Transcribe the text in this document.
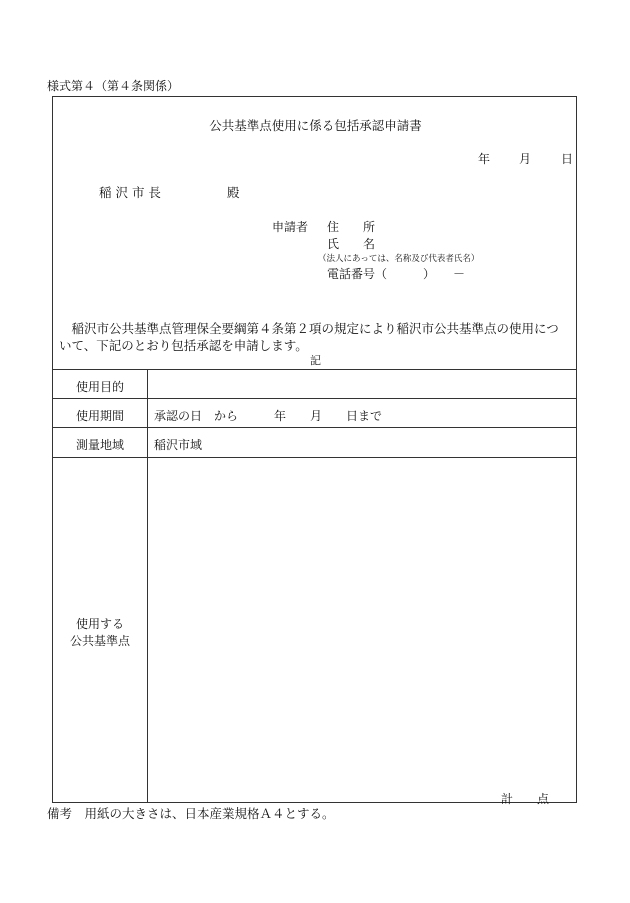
様式第４（第４条関係）
公共基準点使用に係る包括承認申請書
年 月 日
稲 沢 市 長	殿
申請者 住　　所
氏　　名
（法人にあっては、名称及び代表者氏名）
電話番号（　　　）　　－
　稲沢市公共基準点管理保全要綱第４条第２項の規定により稲沢市公共基準点の使用について、下記のとおり包括承認を申請します。
記
使用目的
使用期間	承認の日　から　　　年　　月　　日まで
測量地域	稲沢市域
使用する
公共基準点
計　　点
備考　用紙の大きさは、日本産業規格Ａ４とする。
